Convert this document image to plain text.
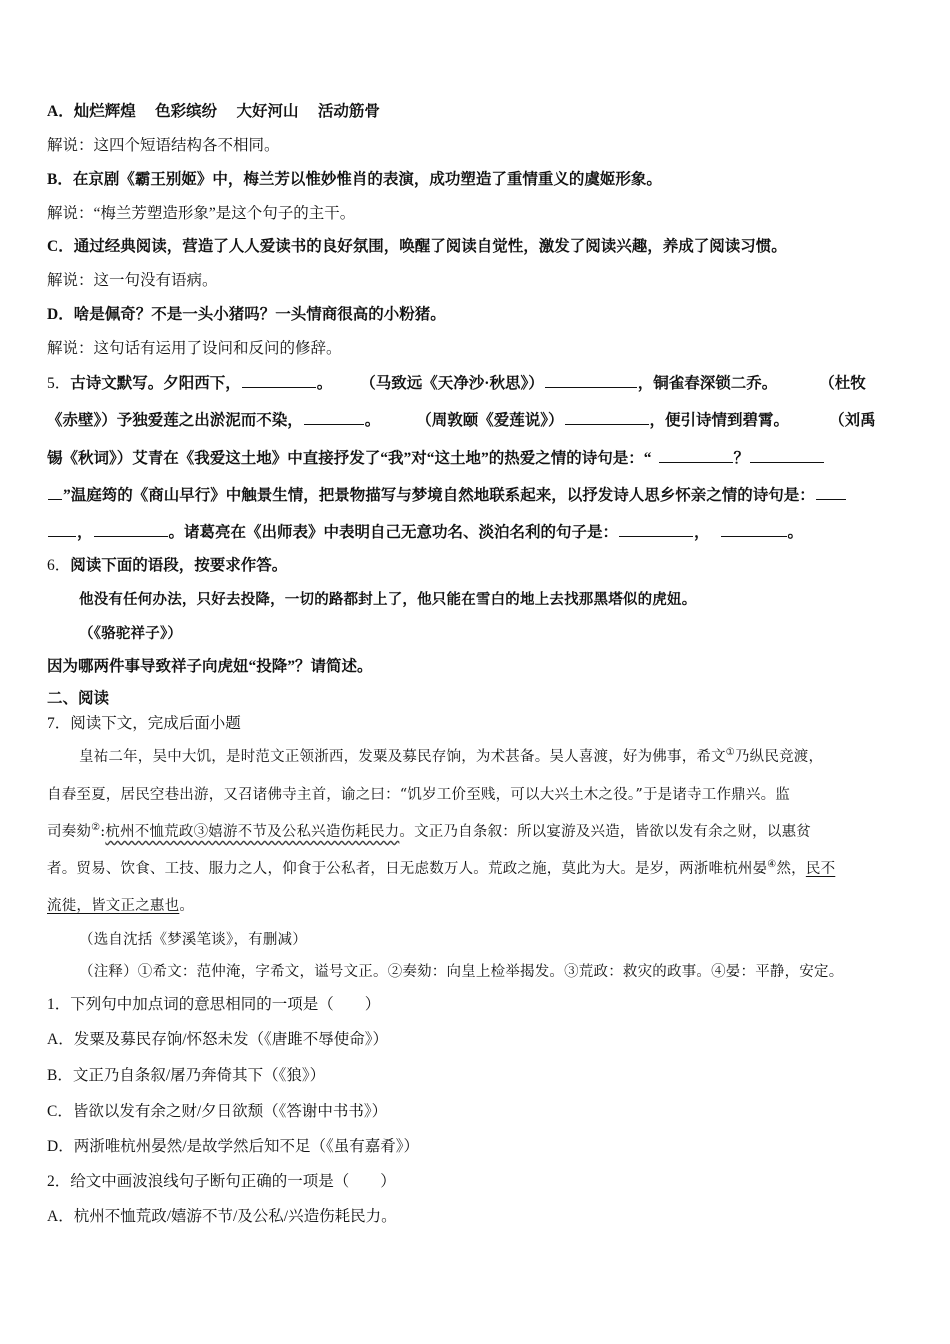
A．灿烂辉煌　 色彩缤纷　 大好河山　 活动筋骨
解说：这四个短语结构各不相同。
B．在京剧《霸王别姬》中，梅兰芳以惟妙惟肖的表演，成功塑造了重情重义的虞姬形象。
解说：“梅兰芳塑造形象”是这个句子的主干。
C．通过经典阅读，营造了人人爱读书的良好氛围，唤醒了阅读自觉性，激发了阅读兴趣，养成了阅读习惯。
解说：这一句没有语病。
D．啥是佩奇？不是一头小猪吗？一头情商很高的小粉猪。
解说：这句话有运用了设问和反问的修辞。
5．古诗文默写。夕阳西下，	。 （马致远《天净沙·秋思》）	，铜雀春深锁二乔。	（杜牧
《赤壁》）予独爱莲之出淤泥而不染，	。 （周敦颐《爱莲说》）	，便引诗情到碧霄。	（刘禹
锡《秋词》）艾青在《我爱这土地》中直接抒发了“我”对“这土地”的热爱之情的诗句是：“	？
”温庭筠的《商山早行》中触景生情，把景物描写与梦境自然地联系起来，以抒发诗人思乡怀亲之情的诗句是：
，	。诸葛亮在《出师表》中表明自己无意功名、淡泊名利的句子是：	，	。
6．阅读下面的语段，按要求作答。
他没有任何办法，只好去投降，一切的路都封上了，他只能在雪白的地上去找那黑塔似的虎妞。
（《骆驼祥子》）
因为哪两件事导致祥子向虎妞“投降”？请简述。
二、阅读
7．阅读下文，完成后面小题
皇祐二年，吴中大饥，是时范文正领浙西，发粟及募民存饷，为术甚备。吴人喜渡，好为佛事，希文①乃纵民竞渡，
自春至夏，居民空巷出游，又召诸佛寺主首，谕之曰：“饥岁工价至贱，可以大兴土木之役。”于是诸寺工作鼎兴。监
司奏劾②:杭州不恤荒政③嬉游不节及公私兴造伤耗民力。文正乃自条叙：所以宴游及兴造，皆欲以发有余之财，以惠贫
者。贸易、饮食、工技、服力之人，仰食于公私者，日无虑数万人。荒政之施，莫此为大。是岁，两浙唯杭州晏④然，民不
流徙，皆文正之惠也。
（选自沈括《梦溪笔谈》，有删减）
（注释）①希文：范仲淹，字希文，谥号文正。②奏劾：向皇上检举揭发。③荒政：救灾的政事。④晏：平静，安定。
1．下列句中加点词的意思相同的一项是（　　）
A．发粟及募民存饷/怀怒未发（《唐雎不辱使命》）
B．文正乃自条叙/屠乃奔倚其下（《狼》）
C．皆欲以发有余之财/夕日欲颓（《答谢中书书》）
D．两浙唯杭州晏然/是故学然后知不足（《虽有嘉肴》）
2．给文中画波浪线句子断句正确的一项是（　　）
A．杭州不恤荒政/嬉游不节/及公私/兴造伤耗民力。
